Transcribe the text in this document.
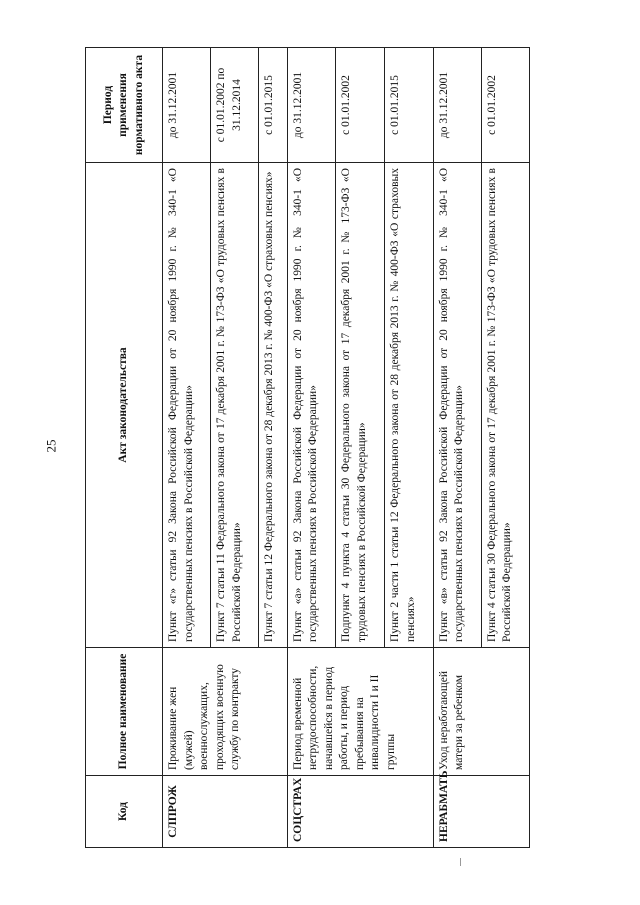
25
Код	Полное наименование	Акт законодательства	Период применения нормативного акта
СЛПРОЖ	Проживание жен (мужей) военнослужащих, проходящих военную службу по контракту	Пункт «г» статьи 92 Закона Российской Федерации от 20 ноября 1990 г. № 340-1 «О государственных пенсиях в Российской Федерации»	до 31.12.2001
		Пункт 7 статьи 11 Федерального закона от 17 декабря 2001 г. № 173-ФЗ «О трудовых пенсиях в Российской Федерации»	с 01.01.2002 по 31.12.2014
		Пункт 7 статьи 12 Федерального закона от 28 декабря 2013 г. № 400-ФЗ «О страховых пенсиях»	с 01.01.2015
СОЦСТРАХ	Период временной нетрудоспособности, начавшейся в период работы, и период пребывания на инвалидности I и II группы	Пункт «а» статьи 92 Закона Российской Федерации от 20 ноября 1990 г. № 340-1 «О государственных пенсиях в Российской Федерации»	до 31.12.2001
		Подпункт 4 пункта 4 статьи 30 Федерального закона от 17 декабря 2001 г. № 173-ФЗ «О трудовых пенсиях в Российской Федерации»	с 01.01.2002
		Пункт 2 части 1 статьи 12 Федерального закона от 28 декабря 2013 г. № 400-ФЗ «О страховых пенсиях»	с 01.01.2015
НЕРАБМАТЬ	Уход неработающей матери за ребенком	Пункт «в» статьи 92 Закона Российской Федерации от 20 ноября 1990 г. № 340-1 «О государственных пенсиях в Российской Федерации»	до 31.12.2001
		Пункт 4 статьи 30 Федерального закона от 17 декабря 2001 г. № 173-ФЗ «О трудовых пенсиях в Российской Федерации»	с 01.01.2002
